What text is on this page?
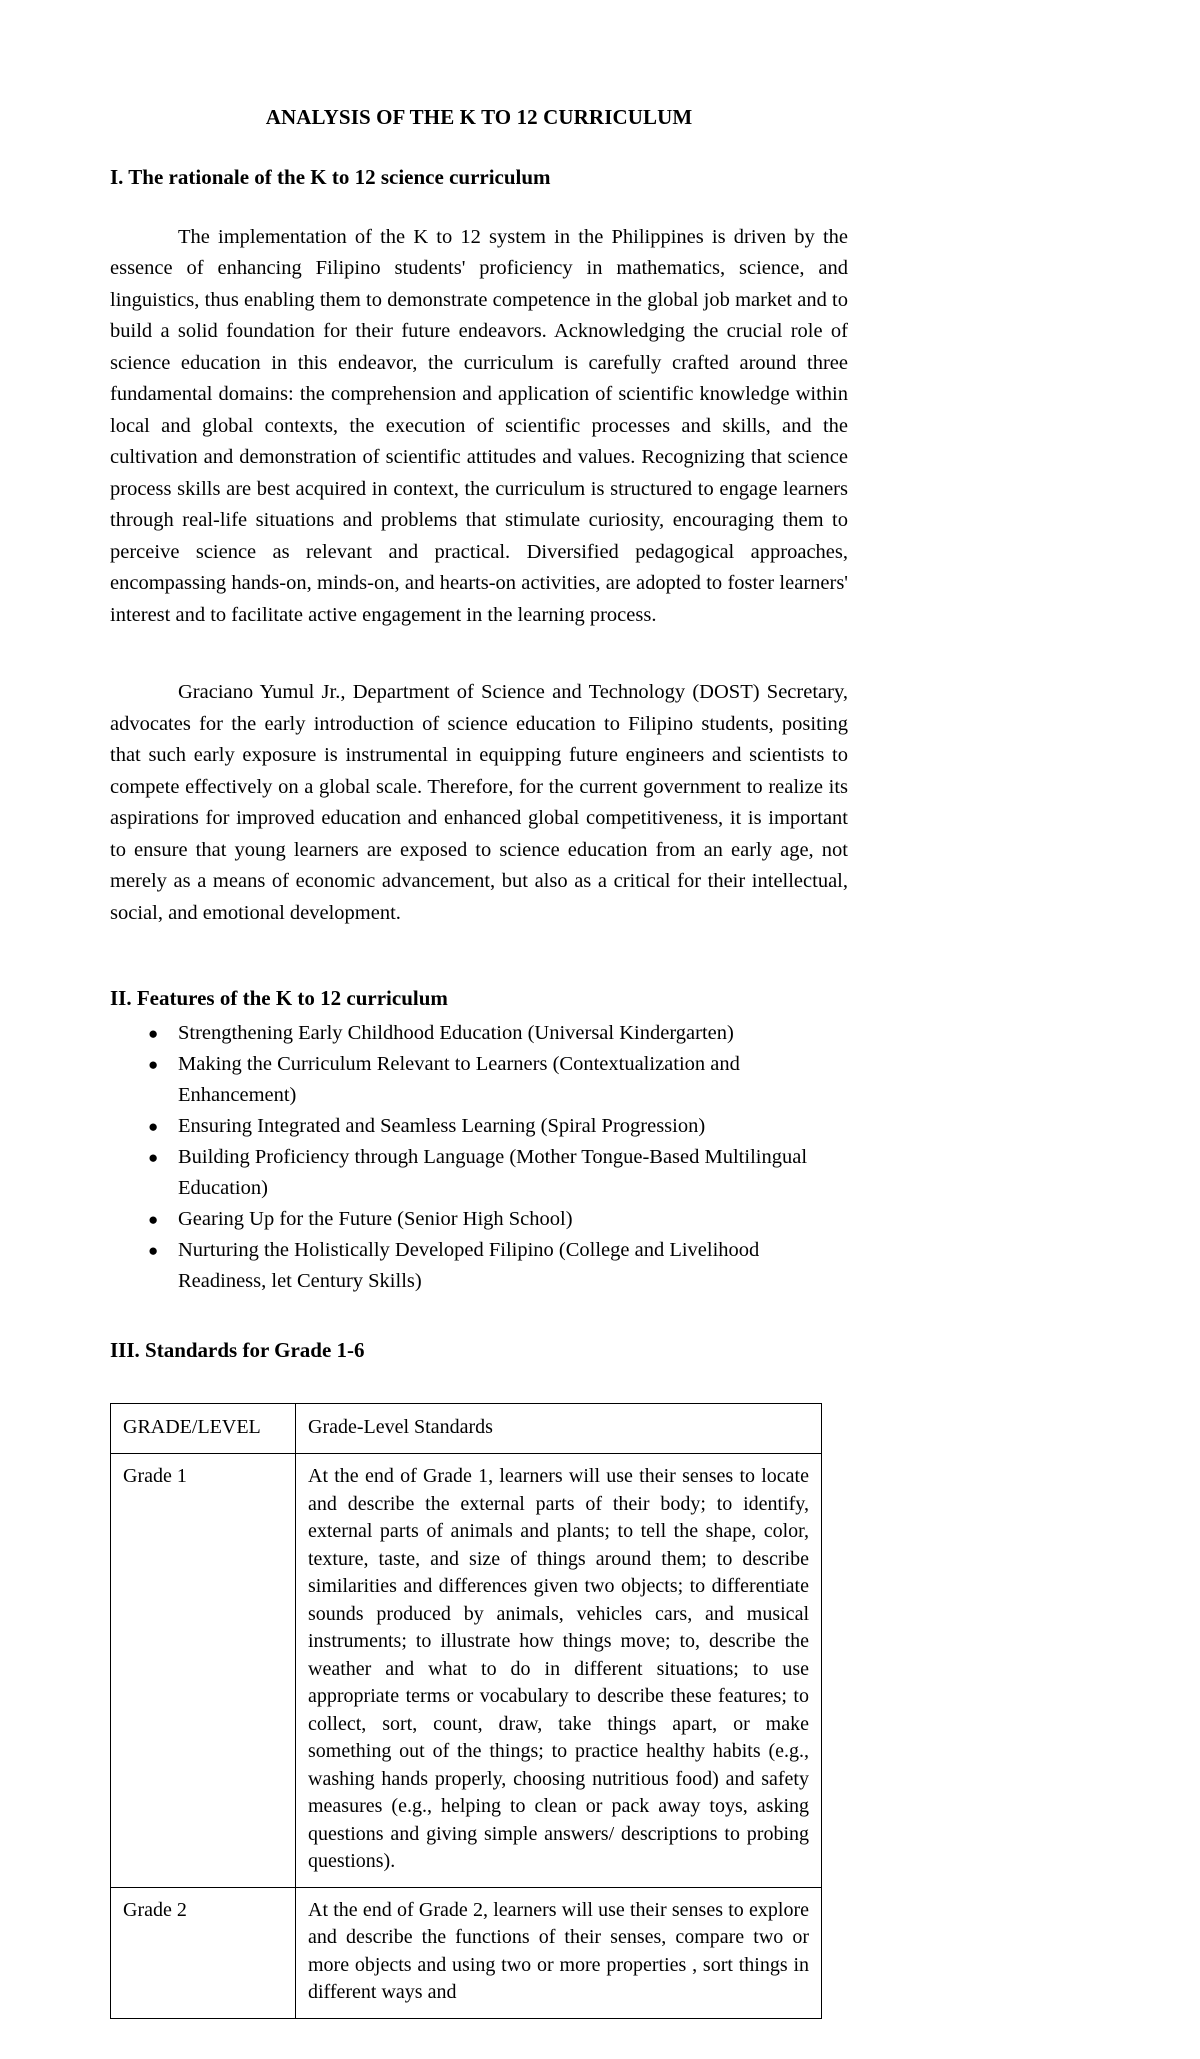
ANALYSIS OF THE K TO 12 CURRICULUM
I. The rationale of the K to 12 science curriculum

The implementation of the K to 12 system in the Philippines is driven by the essence of enhancing Filipino students' proficiency in mathematics, science, and linguistics, thus enabling them to demonstrate competence in the global job market and to build a solid foundation for their future endeavors. Acknowledging the crucial role of science education in this endeavor, the curriculum is carefully crafted around three fundamental domains: the comprehension and application of scientific knowledge within local and global contexts, the execution of scientific processes and skills, and the cultivation and demonstration of scientific attitudes and values. Recognizing that science process skills are best acquired in context, the curriculum is structured to engage learners through real-life situations and problems that stimulate curiosity, encouraging them to perceive science as relevant and practical. Diversified pedagogical approaches, encompassing hands-on, minds-on, and hearts-on activities, are adopted to foster learners' interest and to facilitate active engagement in the learning process.

Graciano Yumul Jr., Department of Science and Technology (DOST) Secretary, advocates for the early introduction of science education to Filipino students, positing that such early exposure is instrumental in equipping future engineers and scientists to compete effectively on a global scale. Therefore, for the current government to realize its aspirations for improved education and enhanced global competitiveness, it is important to ensure that young learners are exposed to science education from an early age, not merely as a means of economic advancement, but also as a critical for their intellectual, social, and emotional development.

II. Features of the K to 12 curriculum
● Strengthening Early Childhood Education (Universal Kindergarten)
● Making the Curriculum Relevant to Learners (Contextualization and Enhancement)
● Ensuring Integrated and Seamless Learning (Spiral Progression)
● Building Proficiency through Language (Mother Tongue-Based Multilingual Education)
● Gearing Up for the Future (Senior High School)
● Nurturing the Holistically Developed Filipino (College and Livelihood Readiness, let Century Skills)
III. Standards for Grade 1-6
GRADE/LEVEL	Grade-Level Standards
Grade 1	At the end of Grade 1, learners will use their senses to locate and describe the external parts of their body; to identify, external parts of animals and plants; to tell the shape, color, texture, taste, and size of things around them; to describe similarities and differences given two objects; to differentiate sounds produced by animals, vehicles cars, and musical instruments; to illustrate how things move; to, describe the weather and what to do in different situations; to use appropriate terms or vocabulary to describe these features; to collect, sort, count, draw, take things apart, or make something out of the things; to practice healthy habits (e.g., washing hands properly, choosing nutritious food) and safety measures (e.g., helping to clean or pack away toys, asking questions and giving simple answers/ descriptions to probing questions).
Grade 2	At the end of Grade 2, learners will use their senses to explore and describe the functions of their senses, compare two or more objects and using two or more properties , sort things in different ways and
